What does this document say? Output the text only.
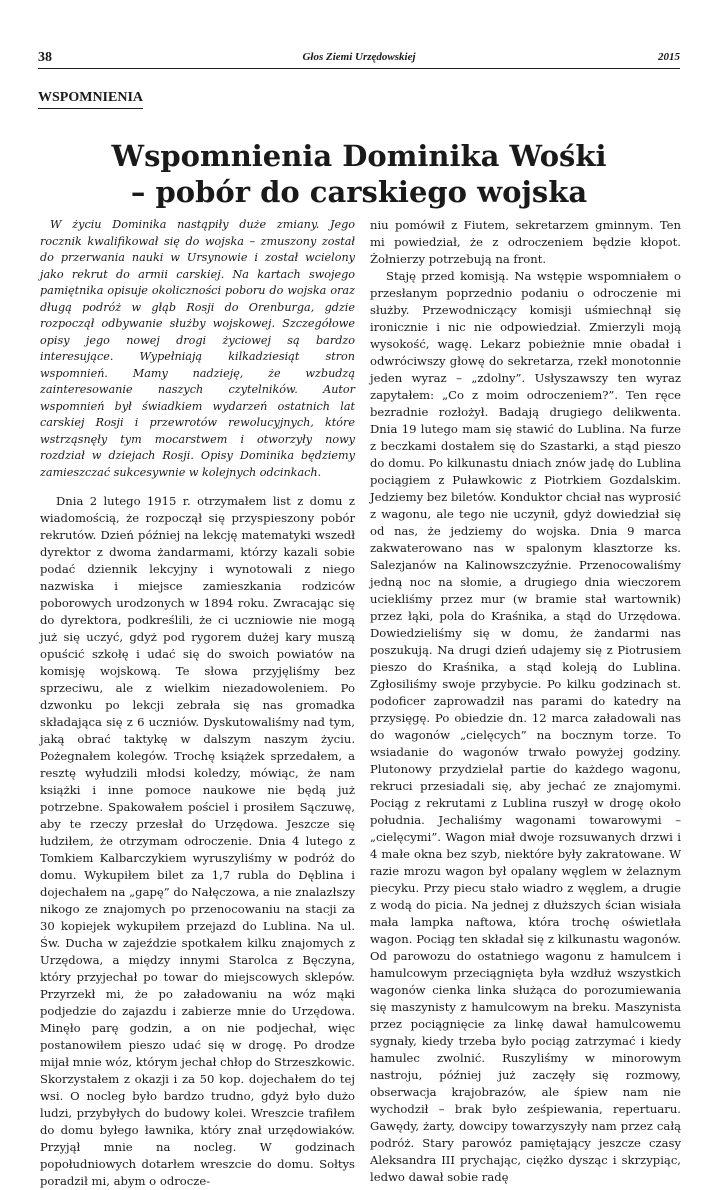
38	Głos Ziemi Urzędowskiej	2015
WSPOMNIENIA
Wspomnienia Dominika Wośki
– pobór do carskiego wojska

W życiu Dominika nastąpiły duże zmiany. Jego rocznik kwalifikował się do wojska – zmuszony został do przerwania nauki w Ursynowie i został wcielony jako rekrut do armii carskiej. Na kartach swojego pamiętnika opisuje okoliczności poboru do wojska oraz długą podróż w głąb Rosji do Orenburga, gdzie rozpoczął odbywanie służby wojskowej. Szczegółowe opisy jego nowej drogi życiowej są bardzo interesujące. Wypełniają kilkadziesiąt stron wspomnień. Mamy nadzieję, że wzbudzą zainteresowanie naszych czytelników. Autor wspomnień był świadkiem wydarzeń ostatnich lat carskiej Rosji i przewrotów rewolucyjnych, które wstrząsnęły tym mocarstwem i otworzyły nowy rozdział w dziejach Rosji. Opisy Dominika będziemy zamieszczać sukcesywnie w kolejnych odcinkach.

Dnia 2 lutego 1915 r. otrzymałem list z domu z wiadomością, że rozpoczął się przyspieszony pobór rekrutów. Dzień później na lekcję matematyki wszedł dyrektor z dwoma żandarmami, którzy kazali sobie podać dziennik lekcyjny i wynotowali z niego nazwiska i miejsce zamieszkania rodziców poborowych urodzonych w 1894 roku. Zwracając się do dyrektora, podkreślili, że ci uczniowie nie mogą już się uczyć, gdyż pod rygorem dużej kary muszą opuścić szkołę i udać się do swoich powiatów na komisję wojskową. Te słowa przyjęliśmy bez sprzeciwu, ale z wielkim niezadowoleniem. Po dzwonku po lekcji zebrała się nas gromadka składająca się z 6 uczniów. Dyskutowaliśmy nad tym, jaką obrać taktykę w dalszym naszym życiu. Pożegnałem kolegów. Trochę książek sprzedałem, a resztę wyłudzili młodsi koledzy, mówiąc, że nam książki i inne pomoce naukowe nie będą już potrzebne. Spakowałem pościel i prosiłem Sączuwę, aby te rzeczy przesłał do Urzędowa. Jeszcze się łudziłem, że otrzymam odroczenie. Dnia 4 lutego z Tomkiem Kalbarczykiem wyruszyliśmy w podróż do domu. Wykupiłem bilet za 1,7 rubla do Dęblina i dojechałem na „gapę” do Nałęczowa, a nie znalazłszy nikogo ze znajomych po przenocowaniu na stacji za 30 kopiejek wykupiłem przejazd do Lublina. Na ul. Św. Ducha w zajeździe spotkałem kilku znajomych z Urzędowa, a między innymi Starolca z Bęczyna, który przyjechał po towar do miejscowych sklepów. Przyrzekł mi, że po załadowaniu na wóz mąki podjedzie do zajazdu i zabierze mnie do Urzędowa. Minęło parę godzin, a on nie podjechał, więc postanowiłem pieszo udać się w drogę. Po drodze mijał mnie wóz, którym jechał chłop do Strzeszkowic. Skorzystałem z okazji i za 50 kop. dojechałem do tej wsi. O nocleg było bardzo trudno, gdyż było dużo ludzi, przybyłych do budowy kolei. Wreszcie trafiłem do domu byłego ławnika, który znał urzędowiaków. Przyjął mnie na nocleg. W godzinach popołudniowych dotarłem wreszcie do domu. Sołtys poradził mi, abym o odrocze-

niu pomówił z Fiutem, sekretarzem gminnym. Ten mi powiedział, że z odroczeniem będzie kłopot. Żołnierzy potrzebują na front.

Staję przed komisją. Na wstępie wspomniałem o przesłanym poprzednio podaniu o odroczenie mi służby. Przewodniczący komisji uśmiechnął się ironicznie i nic nie odpowiedział. Zmierzyli moją wysokość, wagę. Lekarz pobieżnie mnie obadał i odwróciwszy głowę do sekretarza, rzekł monotonnie jeden wyraz – „zdolny”. Usłyszawszy ten wyraz zapytałem: „Co z moim odroczeniem?”. Ten ręce bezradnie rozłożył. Badają drugiego delikwenta. Dnia 19 lutego mam się stawić do Lublina. Na furze z beczkami dostałem się do Szastarki, a stąd pieszo do domu. Po kilkunastu dniach znów jadę do Lublina pociągiem z Puławkowic z Piotrkiem Gozdalskim. Jedziemy bez biletów. Konduktor chciał nas wyprosić z wagonu, ale tego nie uczynił, gdyż dowiedział się od nas, że jedziemy do wojska. Dnia 9 marca zakwaterowano nas w spalonym klasztorze ks. Salezjanów na Kalinowszczyźnie. Przenocowaliśmy jedną noc na słomie, a drugiego dnia wieczorem uciekliśmy przez mur (w bramie stał wartownik) przez łąki, pola do Kraśnika, a stąd do Urzędowa. Dowiedzieliśmy się w domu, że żandarmi nas poszukują. Na drugi dzień udajemy się z Piotrusiem pieszo do Kraśnika, a stąd koleją do Lublina. Zgłosiliśmy swoje przybycie. Po kilku godzinach st. podoficer zaprowadził nas parami do katedry na przysięgę. Po obiedzie dn. 12 marca załadowali nas do wagonów „cielęcych” na bocznym torze. To wsiadanie do wagonów trwało powyżej godziny. Plutonowy przydzielał partie do każdego wagonu, rekruci przesiadali się, aby jechać ze znajomymi. Pociąg z rekrutami z Lublina ruszył w drogę około południa. Jechaliśmy wagonami towarowymi – „cielęcymi”. Wagon miał dwoje rozsuwanych drzwi i 4 małe okna bez szyb, niektóre były zakratowane. W razie mrozu wagon był opalany węglem w żelaznym piecyku. Przy piecu stało wiadro z węglem, a drugie z wodą do picia. Na jednej z dłuższych ścian wisiała mała lampka naftowa, która trochę oświetlała wagon. Pociąg ten składał się z kilkunastu wagonów. Od parowozu do ostatniego wagonu z hamulcem i hamulcowym przeciągnięta była wzdłuż wszystkich wagonów cienka linka służąca do porozumiewania się maszynisty z hamulcowym na breku. Maszynista przez pociągnięcie za linkę dawał hamulcowemu sygnały, kiedy trzeba było pociąg zatrzymać i kiedy hamulec zwolnić. Ruszyliśmy w minorowym nastroju, później już zaczęły się rozmowy, obserwacja krajobrazów, ale śpiew nam nie wychodził – brak było ześpiewania, repertuaru. Gawędy, żarty, dowcipy towarzyszyły nam przez całą podróż. Stary parowóz pamiętający jeszcze czasy Aleksandra III prychając, ciężko dysząc i skrzypiąc, ledwo dawał sobie radę
